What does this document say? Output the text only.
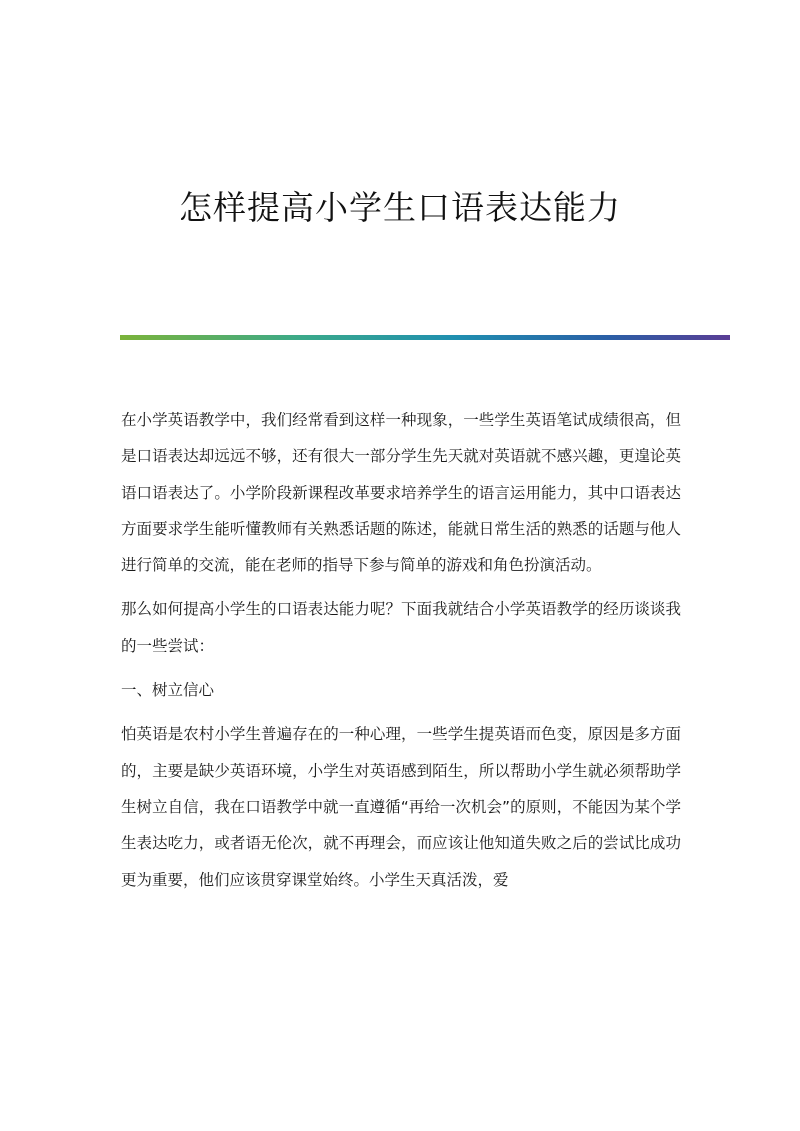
怎样提高小学生口语表达能力

在小学英语教学中，我们经常看到这样一种现象，一些学生英语笔试成绩很高，但是口语表达却远远不够，还有很大一部分学生先天就对英语就不感兴趣，更遑论英语口语表达了。小学阶段新课程改革要求培养学生的语言运用能力，其中口语表达方面要求学生能听懂教师有关熟悉话题的陈述，能就日常生活的熟悉的话题与他人进行简单的交流，能在老师的指导下参与简单的游戏和角色扮演活动。

那么如何提高小学生的口语表达能力呢？下面我就结合小学英语教学的经历谈谈我的一些尝试：

一、树立信心

怕英语是农村小学生普遍存在的一种心理，一些学生提英语而色变，原因是多方面的，主要是缺少英语环境，小学生对英语感到陌生，所以帮助小学生就必须帮助学生树立自信，我在口语教学中就一直遵循“再给一次机会”的原则，不能因为某个学生表达吃力，或者语无伦次，就不再理会，而应该让他知道失败之后的尝试比成功更为重要，他们应该贯穿课堂始终。小学生天真活泼，爱
